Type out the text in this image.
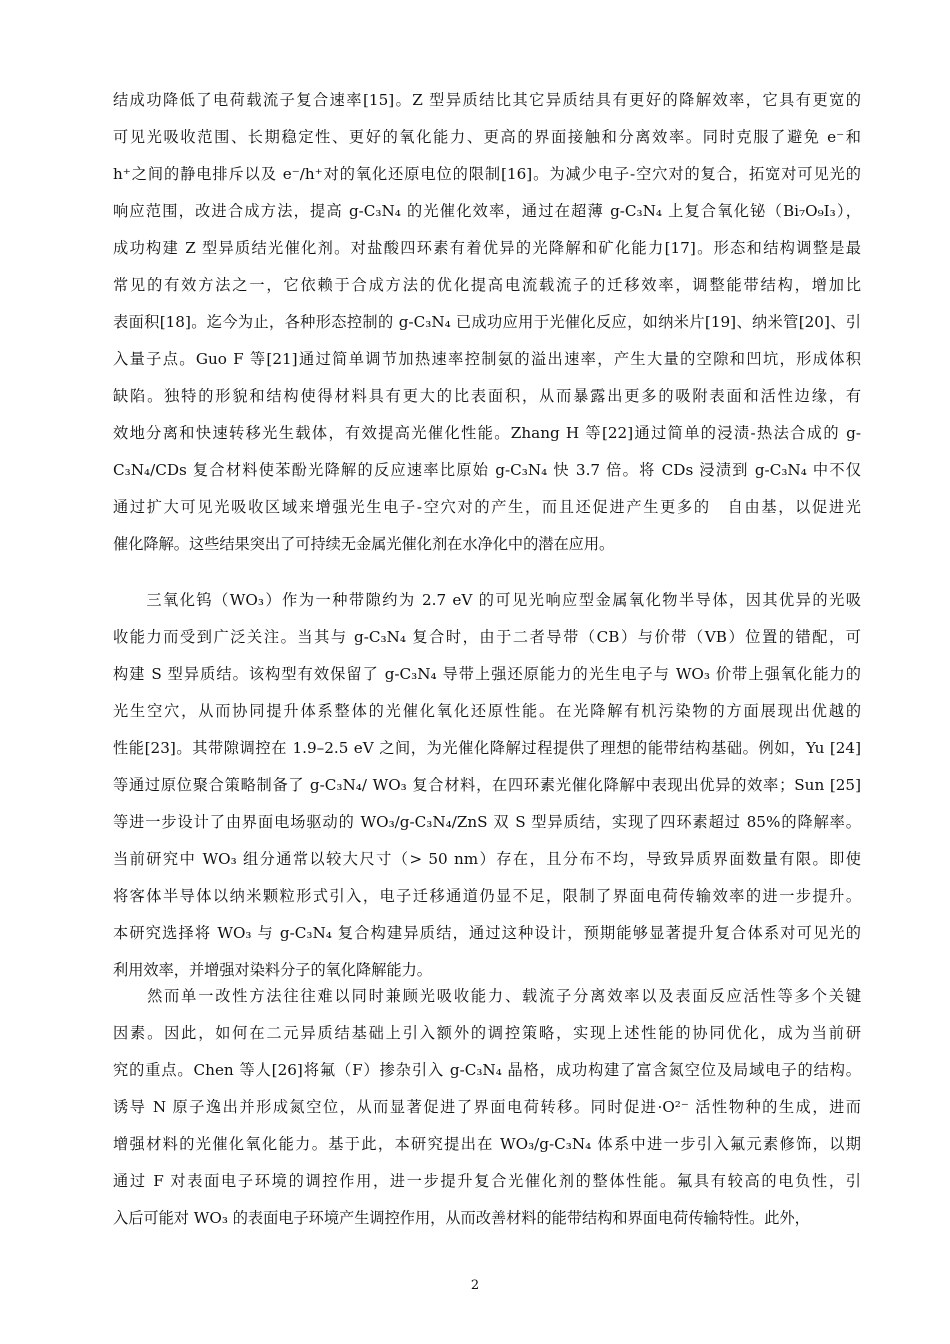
结成功降低了电荷载流子复合速率[15]。Z 型异质结比其它异质结具有更好的降解效率，它具有更宽的
可见光吸收范围、长期稳定性、更好的氧化能力、更高的界面接触和分离效率。同时克服了避免 e⁻和
h⁺之间的静电排斥以及 e⁻/h⁺对的氧化还原电位的限制[16]。为减少电子-空穴对的复合，拓宽对可见光的
响应范围，改进合成方法，提高 g-C₃N₄ 的光催化效率，通过在超薄 g-C₃N₄ 上复合氧化铋（Bi₇O₉I₃），
成功构建 Z 型异质结光催化剂。对盐酸四环素有着优异的光降解和矿化能力[17]。形态和结构调整是最
常见的有效方法之一，它依赖于合成方法的优化提高电流载流子的迁移效率，调整能带结构，增加比
表面积[18]。迄今为止，各种形态控制的 g-C₃N₄ 已成功应用于光催化反应，如纳米片[19]、纳米管[20]、引
入量子点。Guo F 等[21]通过简单调节加热速率控制氨的溢出速率，产生大量的空隙和凹坑，形成体积
缺陷。独特的形貌和结构使得材料具有更大的比表面积，从而暴露出更多的吸附表面和活性边缘，有
效地分离和快速转移光生载体，有效提高光催化性能。Zhang H 等[22]通过简单的浸渍-热法合成的 g-
C₃N₄/CDs 复合材料使苯酚光降解的反应速率比原始 g-C₃N₄ 快 3.7 倍。将 CDs 浸渍到 g-C₃N₄ 中不仅
通过扩大可见光吸收区域来增强光生电子-空穴对的产生，而且还促进产生更多的　自由基，以促进光
催化降解。这些结果突出了可持续无金属光催化剂在水净化中的潜在应用。
　　三氧化钨（WO₃）作为一种带隙约为 2.7 eV 的可见光响应型金属氧化物半导体，因其优异的光吸
收能力而受到广泛关注。当其与 g-C₃N₄ 复合时，由于二者导带（CB）与价带（VB）位置的错配，可
构建 S 型异质结。该构型有效保留了 g-C₃N₄ 导带上强还原能力的光生电子与 WO₃ 价带上强氧化能力的
光生空穴，从而协同提升体系整体的光催化氧化还原性能。在光降解有机污染物的方面展现出优越的
性能[23]。其带隙调控在 1.9–2.5 eV 之间，为光催化降解过程提供了理想的能带结构基础。例如，Yu [24]
等通过原位聚合策略制备了 g-C₃N₄/ WO₃ 复合材料，在四环素光催化降解中表现出优异的效率；Sun [25]
等进一步设计了由界面电场驱动的 WO₃/g-C₃N₄/ZnS 双 S 型异质结，实现了四环素超过 85%的降解率。
当前研究中 WO₃ 组分通常以较大尺寸（> 50 nm）存在，且分布不均，导致异质界面数量有限。即使
将客体半导体以纳米颗粒形式引入，电子迁移通道仍显不足，限制了界面电荷传输效率的进一步提升。
本研究选择将 WO₃ 与 g-C₃N₄ 复合构建异质结，通过这种设计，预期能够显著提升复合体系对可见光的
利用效率，并增强对染料分子的氧化降解能力。
　　然而单一改性方法往往难以同时兼顾光吸收能力、载流子分离效率以及表面反应活性等多个关键
因素。因此，如何在二元异质结基础上引入额外的调控策略，实现上述性能的协同优化，成为当前研
究的重点。Chen 等人[26]将氟（F）掺杂引入 g-C₃N₄ 晶格，成功构建了富含氮空位及局域电子的结构。
诱导 N 原子逸出并形成氮空位，从而显著促进了界面电荷转移。同时促进·O²⁻ 活性物种的生成，进而
增强材料的光催化氧化能力。基于此，本研究提出在 WO₃/g-C₃N₄ 体系中进一步引入氟元素修饰，以期
通过 F 对表面电子环境的调控作用，进一步提升复合光催化剂的整体性能。氟具有较高的电负性，引
入后可能对 WO₃ 的表面电子环境产生调控作用，从而改善材料的能带结构和界面电荷传输特性。此外，
2
